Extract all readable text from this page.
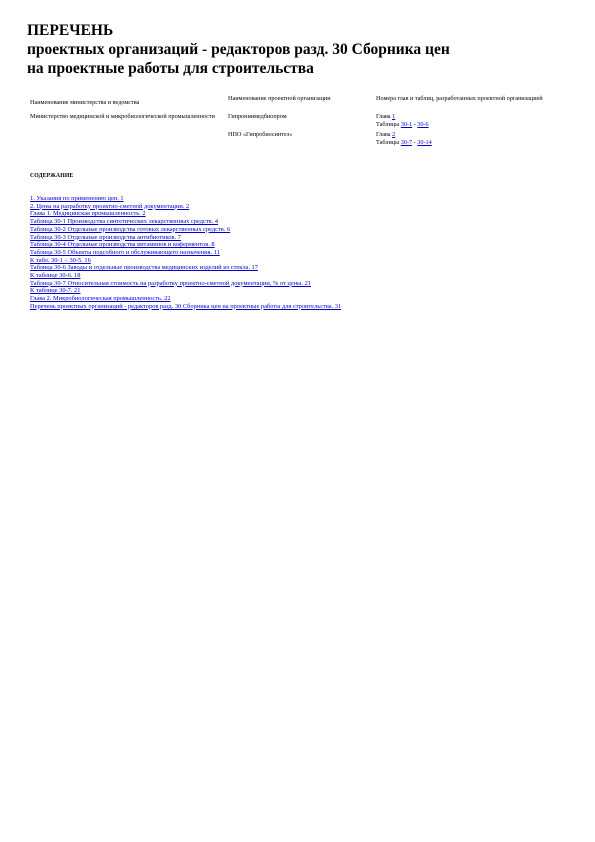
ПЕРЕЧЕНЬ
проектных организаций - редакторов разд. 30 Сборника цен
на проектные работы для строительства
Наименование министерства и ведомства	Наименование проектной организации	Номера глав и таблиц, разработанных проектной организацией
Министерство медицинской и микробиологической промышленности	Гипрониимедбиопром	Глава 1
Таблицы 30-1 - 30-6
	НПО «Гипробиосинтез»	Глава 2
Таблицы 30-7 - 30-14
СОДЕРЖАНИЕ
1. Указания по применению цен. 1
2. Цены на разработку проектно-сметной документации. 2
Глава 1. Медицинская промышленность. 2
Таблица 30-1 Производства синтетических лекарственных средств. 4
Таблица 30-2 Отдельные производства готовых лекарственных средств. 6
Таблица 30-3 Отдельные производства антибиотиков. 7
Таблица 30-4 Отдельные производства витаминов и коферментов. 8
Таблица 30-5 Объекты подсобного и обслуживающего назначения. 11
К табл. 30-1 ÷ 30-5. 16
Таблица 30-6 Заводы и отдельные производства медицинских изделий из стекла. 17
К таблице 30-6. 18
Таблица 30-7 Относительная стоимость на разработку проектно-сметной документации, % от цены. 21
К таблице 30-7. 21
Глава 2. Микробиологическая промышленность. 22
Перечень проектных организаций - редакторов разд. 30 Сборника цен на проектные работы для строительства. 31
